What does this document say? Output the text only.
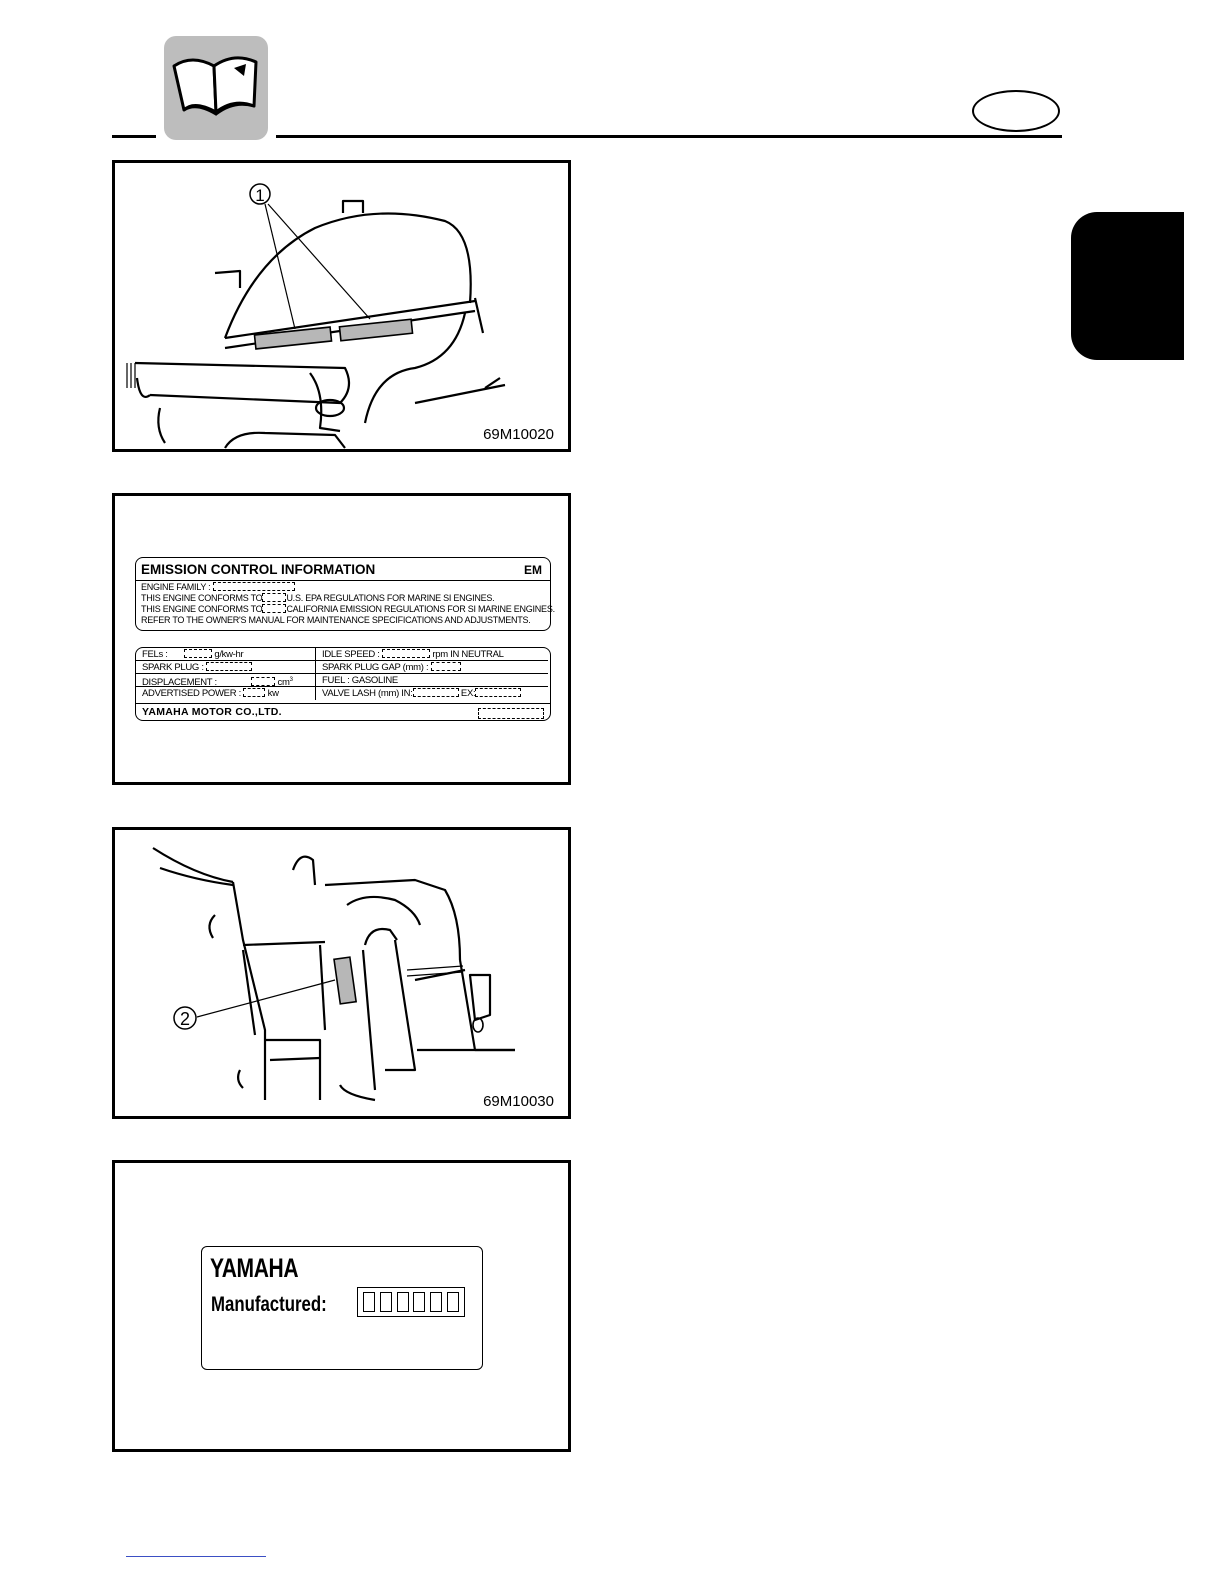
1
69M10020
EMISSION CONTROL INFORMATION	EM
ENGINE FAMILY :
THIS ENGINE CONFORMS TO	U.S. EPA REGULATIONS FOR MARINE SI ENGINES.
THIS ENGINE CONFORMS TO	CALIFORNIA EMISSION REGULATIONS FOR SI MARINE ENGINES.
REFER TO THE OWNER'S MANUAL FOR MAINTENANCE SPECIFICATIONS AND ADJUSTMENTS.
FELs :	g/kw-hr	IDLE SPEED :	rpm IN NEUTRAL
SPARK PLUG :	SPARK PLUG GAP (mm) :
DISPLACEMENT :	$cm^3$	FUEL : GASOLINE
ADVERTISED POWER :	kw	VALVE LASH (mm) IN:	EX:
YAMAHA MOTOR CO.,LTD.
2
69M10030
YAMAHA
Manufactured:
